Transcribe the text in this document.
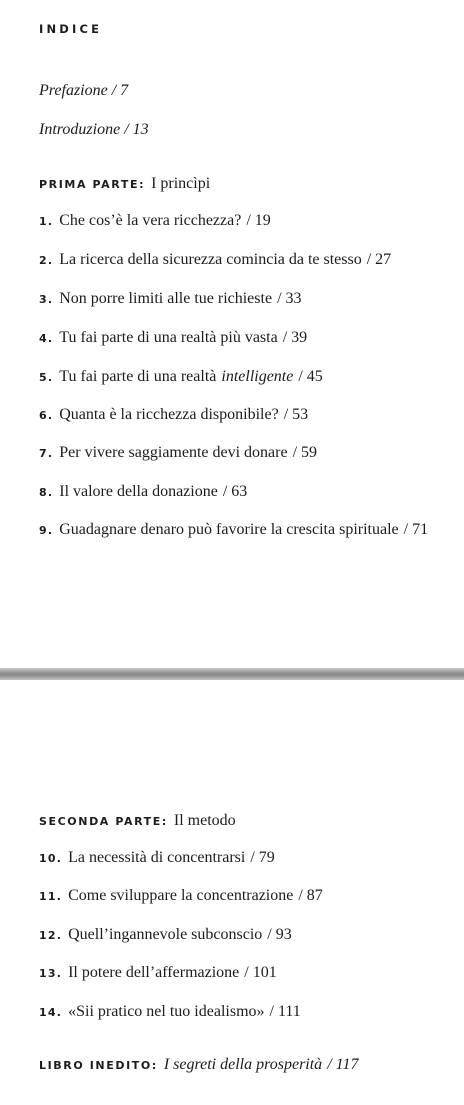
INDICE
Prefazione / 7
Introduzione / 13
PRIMA PARTE: I princìpi
1. Che cos’è la vera ricchezza? / 19
2. La ricerca della sicurezza comincia da te stesso / 27
3. Non porre limiti alle tue richieste / 33
4. Tu fai parte di una realtà più vasta / 39
5. Tu fai parte di una realtà intelligente / 45
6. Quanta è la ricchezza disponibile? / 53
7. Per vivere saggiamente devi donare / 59
8. Il valore della donazione / 63
9. Guadagnare denaro può favorire la crescita spirituale / 71
SECONDA PARTE: Il metodo
10. La necessità di concentrarsi / 79
11. Come sviluppare la concentrazione / 87
12. Quell’ingannevole subconscio / 93
13. Il potere dell’affermazione / 101
14. «Sii pratico nel tuo idealismo» / 111
LIBRO INEDITO: I segreti della prosperità / 117
